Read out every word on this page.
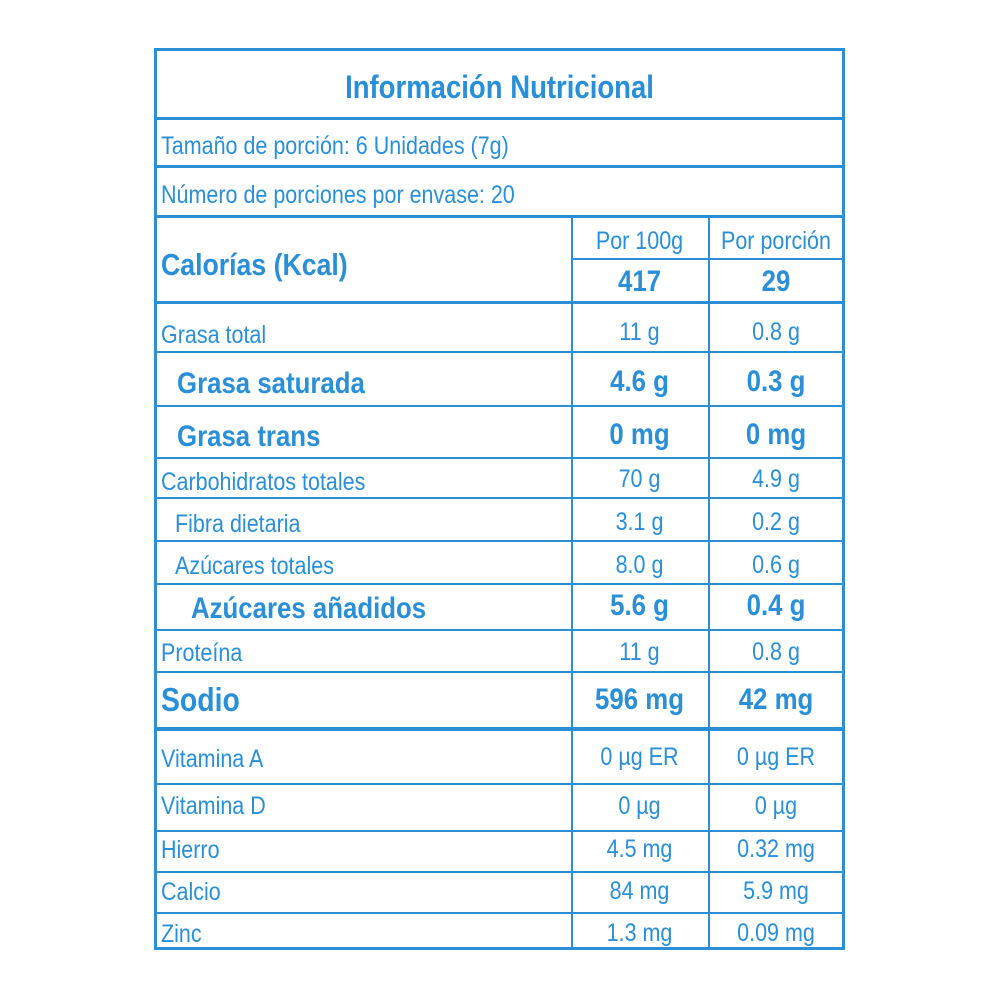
Información Nutricional
Tamaño de porción: 6 Unidades (7g)
Número de porciones por envase: 20
Calorías (Kcal)
Por 100g	Por porción
417	29
Grasa total	11 g	0.8 g
Grasa saturada	4.6 g	0.3 g
Grasa trans	0 mg	0 mg
Carbohidratos totales	70 g	4.9 g
Fibra dietaria	3.1 g	0.2 g
Azúcares totales	8.0 g	0.6 g
Azúcares añadidos	5.6 g	0.4 g
Proteína	11 g	0.8 g
Sodio	596 mg	42 mg
Vitamina A	0 µg ER	0 µg ER
Vitamina D	0 µg	0 µg
Hierro	4.5 mg	0.32 mg
Calcio	84 mg	5.9 mg
Zinc	1.3 mg	0.09 mg
